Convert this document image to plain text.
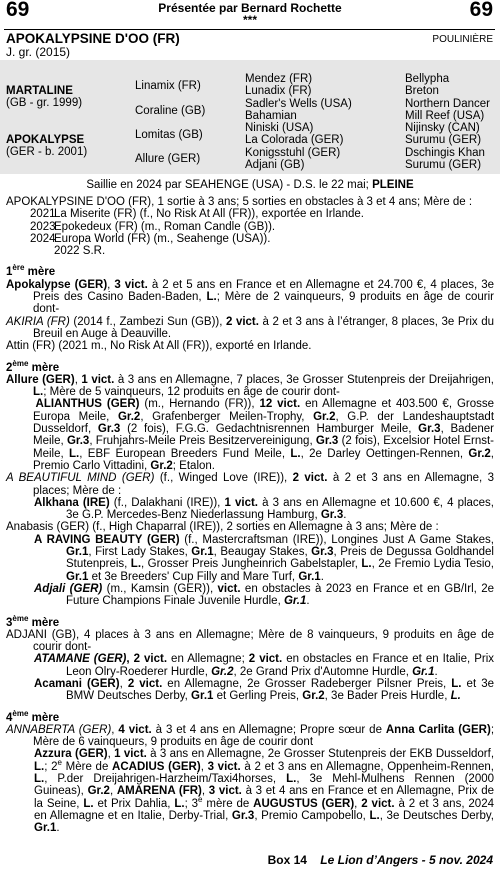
69	69
Présentée par Bernard Rochette
***
APOKALYPSINE D'OO (FR)
J. gr. (2015)
POULINIÈRE
MARTALINE
(GB - gr. 1999)
APOKALYPSE
(GER - b. 2001)
Linamix (FR)
Coraline (GB)
Lomitas (GB)
Allure (GER)
Mendez (FR)
Lunadix (FR)
Sadler's Wells (USA)
Bahamian
Niniski (USA)
La Colorada (GER)
Konigsstuhl (GER)
Adjani (GB)
Bellypha
Breton
Northern Dancer
Mill Reef (USA)
Nijinsky (CAN)
Surumu (GER)
Dschingis Khan
Surumu (GER)
Saillie en 2024 par SEAHENGE (USA) - D.S. le 22 mai; PLEINE

APOKALYPSINE D'OO (FR), 1 sortie à 3 ans; 5 sorties en obstacles à 3 et 4 ans; Mère de :

2021La Miserite (FR) (f., No Risk At All (FR)), exportée en Irlande.

2023Epokedeux (FR) (m., Roman Candle (GB)).

2024Europa World (FR) (m., Seahenge (USA)).

2022 S.R.

1ère mère

Apokalypse (GER), 3 vict. à 2 et 5 ans en France et en Allemagne et 24.700 €, 4 places, 3e Preis des Casino Baden-Baden, L.; Mère de 2 vainqueurs, 9 produits en âge de courir dont-

AKIRIA (FR) (2014 f., Zambezi Sun (GB)), 2 vict. à 2 et 3 ans à l’étranger, 8 places, 3e Prix du Breuil en Auge à Deauville.

Attin (FR) (2021 m., No Risk At All (FR)), exporté en Irlande.

2ème mère

Allure (GER), 1 vict. à 3 ans en Allemagne, 7 places, 3e Grosser Stutenpreis der Dreijahrigen, L.; Mère de 5 vainqueurs, 12 produits en âge de courir dont-

ALIANTHUS (GER) (m., Hernando (FR)), 12 vict. en Allemagne et 403.500 €, Grosse Europa Meile, Gr.2, Grafenberger Meilen-Trophy, Gr.2, G.P. der Landeshauptstadt Dusseldorf, Gr.3 (2 fois), F.G.G. Gedachtnisrennen Hamburger Meile, Gr.3, Badener Meile, Gr.3, Fruhjahrs-Meile Preis Besitzervereinigung, Gr.3 (2 fois), Excelsior Hotel Ernst-Meile, L., EBF European Breeders Fund Meile, L., 2e Darley Oettingen-Rennen, Gr.2, Premio Carlo Vittadini, Gr.2; Etalon.

A BEAUTIFUL MIND (GER) (f., Winged Love (IRE)), 2 vict. à 2 et 3 ans en Allemagne, 3 places; Mère de :

Alkhana (IRE) (f., Dalakhani (IRE)), 1 vict. à 3 ans en Allemagne et 10.600 €, 4 places, 3e G.P. Mercedes-Benz Niederlassung Hamburg, Gr.3.

Anabasis (GER) (f., High Chaparral (IRE)), 2 sorties en Allemagne à 3 ans; Mère de :

A RAVING BEAUTY (GER) (f., Mastercraftsman (IRE)), Longines Just A Game Stakes, Gr.1, First Lady Stakes, Gr.1, Beaugay Stakes, Gr.3, Preis de Degussa Goldhandel Stutenpreis, L., Grosser Preis Jungheinrich Gabelstapler, L., 2e Fremio Lydia Tesio, Gr.1 et 3e Breeders' Cup Filly and Mare Turf, Gr.1.

Adjali (GER) (m., Kamsin (GER)), vict. en obstacles à 2023 en France et en GB/Irl, 2e Future Champions Finale Juvenile Hurdle, Gr.1.

3ème mère

ADJANI (GB), 4 places à 3 ans en Allemagne; Mère de 8 vainqueurs, 9 produits en âge de courir dont-

ATAMANE (GER), 2 vict. en Allemagne; 2 vict. en obstacles en France et en Italie, Prix Leon Olry-Roederer Hurdle, Gr.2, 2e Grand Prix d'Automne Hurdle, Gr.1.

Acamani (GER), 2 vict. en Allemagne, 2e Grosser Radeberger Pilsner Preis, L. et 3e BMW Deutsches Derby, Gr.1 et Gerling Preis, Gr.2, 3e Bader Preis Hurdle, L.

4ème mère

ANNABERTA (GER), 4 vict. à 3 et 4 ans en Allemagne; Propre sœur de Anna Carlita (GER); Mère de 6 vainqueurs, 9 produits en âge de courir dont

Azzura (GER), 1 vict. à 3 ans en Allemagne, 2e Grosser Stutenpreis der EKB Dusseldorf, L.; 2e Mère de ACADIUS (GER), 3 vict. à 2 et 3 ans en Allemagne, Oppenheim-Rennen, L., P.der Dreijahrigen-Harzheim/Taxi4horses, L., 3e Mehl-Mulhens Rennen (2000 Guineas), Gr.2, AMARENA (FR), 3 vict. à 3 et 4 ans en France et en Allemagne, Prix de la Seine, L. et Prix Dahlia, L.; 3e mère de AUGUSTUS (GER), 2 vict. à 2 et 3 ans, 2024 en Allemagne et en Italie, Derby-Trial, Gr.3, Premio Campobello, L., 3e Deutsches Derby, Gr.1.

Box 14 Le Lion d’Angers - 5 nov. 2024
